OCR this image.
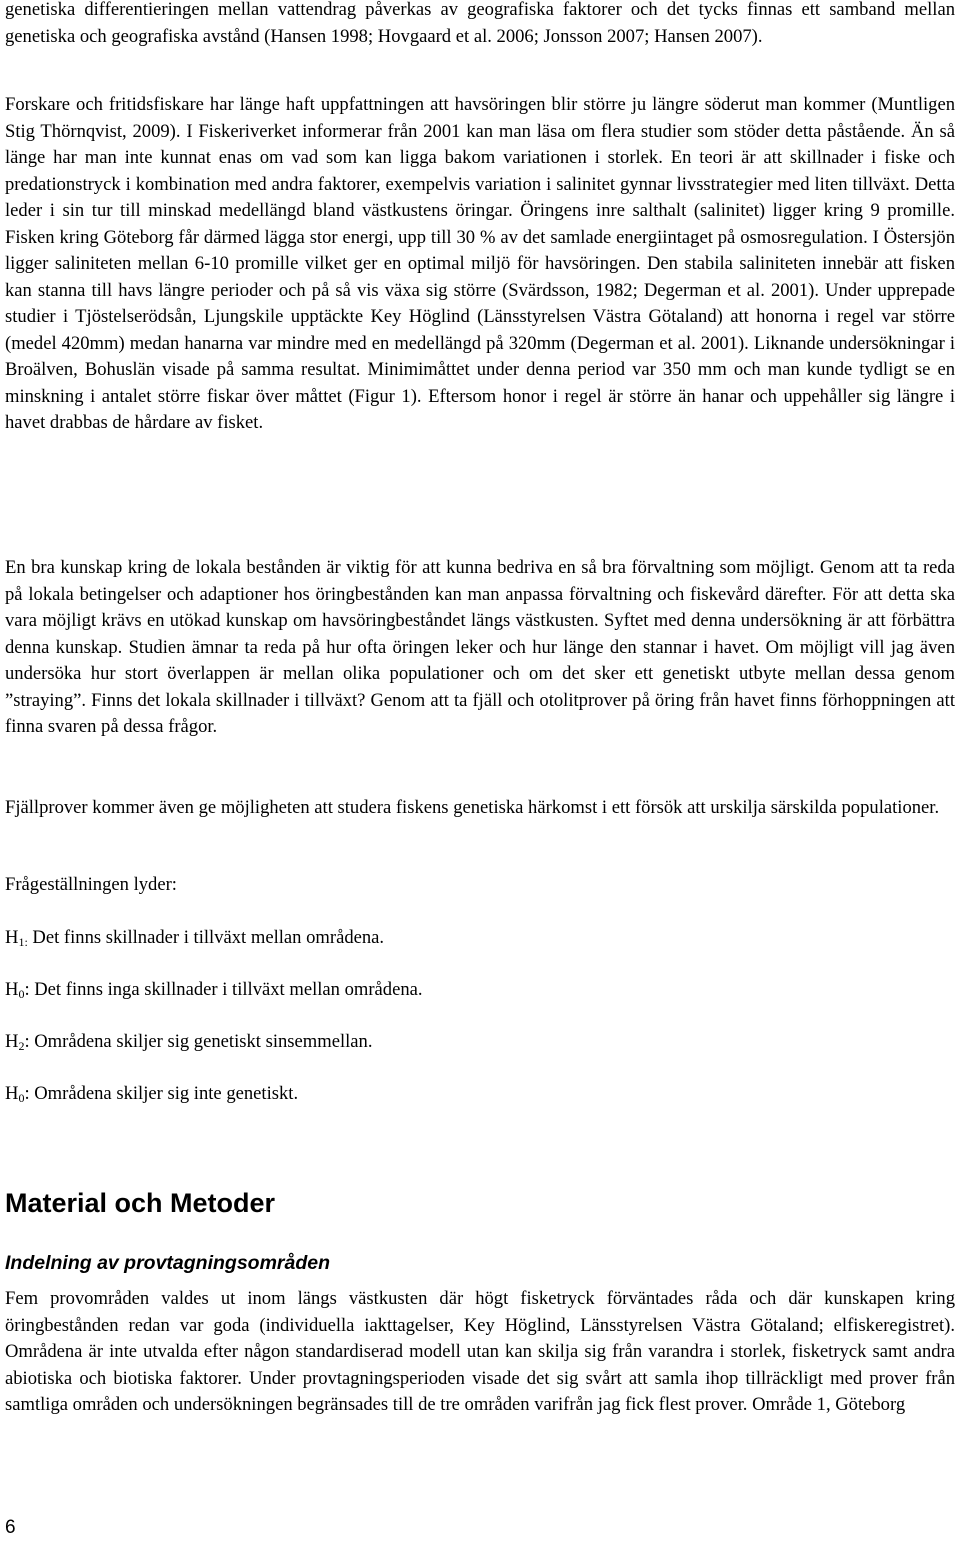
genetiska differentieringen mellan vattendrag påverkas av geografiska faktorer och det tycks finnas ett samband mellan genetiska och geografiska avstånd (Hansen 1998; Hovgaard et al. 2006; Jonsson 2007; Hansen 2007).

Forskare och fritidsfiskare har länge haft uppfattningen att havsöringen blir större ju längre söderut man kommer (Muntligen Stig Thörnqvist, 2009). I Fiskeriverket informerar från 2001 kan man läsa om flera studier som stöder detta påstående. Än så länge har man inte kunnat enas om vad som kan ligga bakom variationen i storlek. En teori är att skillnader i fiske och predationstryck i kombination med andra faktorer, exempelvis variation i salinitet gynnar livsstrategier med liten tillväxt. Detta leder i sin tur till minskad medellängd bland västkustens öringar. Öringens inre salthalt (salinitet) ligger kring 9 promille. Fisken kring Göteborg får därmed lägga stor energi, upp till 30 % av det samlade energiintaget på osmosregulation. I Östersjön ligger saliniteten mellan 6-10 promille vilket ger en optimal miljö för havsöringen. Den stabila saliniteten innebär att fisken kan stanna till havs längre perioder och på så vis växa sig större (Svärdsson, 1982; Degerman et al. 2001). Under upprepade studier i Tjöstelserödsån, Ljungskile upptäckte Key Höglind (Länsstyrelsen Västra Götaland) att honorna i regel var större (medel 420mm) medan hanarna var mindre med en medellängd på 320mm (Degerman et al. 2001). Liknande undersökningar i Broälven, Bohuslän visade på samma resultat. Minimimåttet under denna period var 350 mm och man kunde tydligt se en minskning i antalet större fiskar över måttet (Figur 1). Eftersom honor i regel är större än hanar och uppehåller sig längre i havet drabbas de hårdare av fisket.

En bra kunskap kring de lokala bestånden är viktig för att kunna bedriva en så bra förvaltning som möjligt. Genom att ta reda på lokala betingelser och adaptioner hos öringbestånden kan man anpassa förvaltning och fiskevård därefter. För att detta ska vara möjligt krävs en utökad kunskap om havsöringbeståndet längs västkusten. Syftet med denna undersökning är att förbättra denna kunskap. Studien ämnar ta reda på hur ofta öringen leker och hur länge den stannar i havet. Om möjligt vill jag även undersöka hur stort överlappen är mellan olika populationer och om det sker ett genetiskt utbyte mellan dessa genom ”straying”. Finns det lokala skillnader i tillväxt? Genom att ta fjäll och otolitprover på öring från havet finns förhoppningen att finna svaren på dessa frågor.

Fjällprover kommer även ge möjligheten att studera fiskens genetiska härkomst i ett försök att urskilja särskilda populationer.

Frågeställningen lyder:

$H_{1:}$ Det finns skillnader i tillväxt mellan områdena.
$H_0$: Det finns inga skillnader i tillväxt mellan områdena.
$H_2$: Områdena skiljer sig genetiskt sinsemmellan.
$H_0$: Områdena skiljer sig inte genetiskt.
Material och Metoder
Indelning av provtagningsområden

Fem provområden valdes ut inom längs västkusten där högt fisketryck förväntades råda och där kunskapen kring öringbestånden redan var goda (individuella iakttagelser, Key Höglind, Länsstyrelsen Västra Götaland; elfiskeregistret). Områdena är inte utvalda efter någon standardiserad modell utan kan skilja sig från varandra i storlek, fisketryck samt andra abiotiska och biotiska faktorer. Under provtagningsperioden visade det sig svårt att samla ihop tillräckligt med prover från samtliga områden och undersökningen begränsades till de tre områden varifrån jag fick flest prover. Område 1, Göteborg

6
